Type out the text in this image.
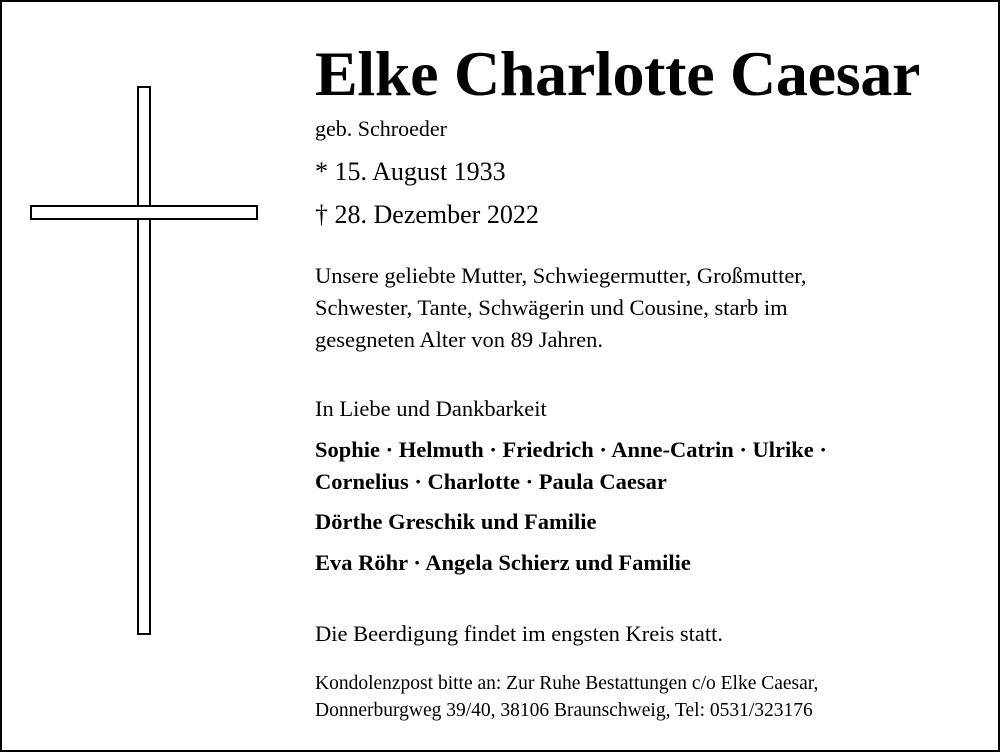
Elke Charlotte Caesar
geb. Schroeder
* 15. August 1933
† 28. Dezember 2022
Unsere geliebte Mutter, Schwiegermutter, Großmutter,
Schwester, Tante, Schwägerin und Cousine, starb im
gesegneten Alter von 89 Jahren.
In Liebe und Dankbarkeit
Sophie · Helmuth · Friedrich · Anne-Catrin · Ulrike ·
Cornelius · Charlotte · Paula Caesar
Dörthe Greschik und Familie
Eva Röhr · Angela Schierz und Familie
Die Beerdigung findet im engsten Kreis statt.
Kondolenzpost bitte an: Zur Ruhe Bestattungen c/o Elke Caesar,
Donnerburgweg 39/40, 38106 Braunschweig, Tel: 0531/323176
